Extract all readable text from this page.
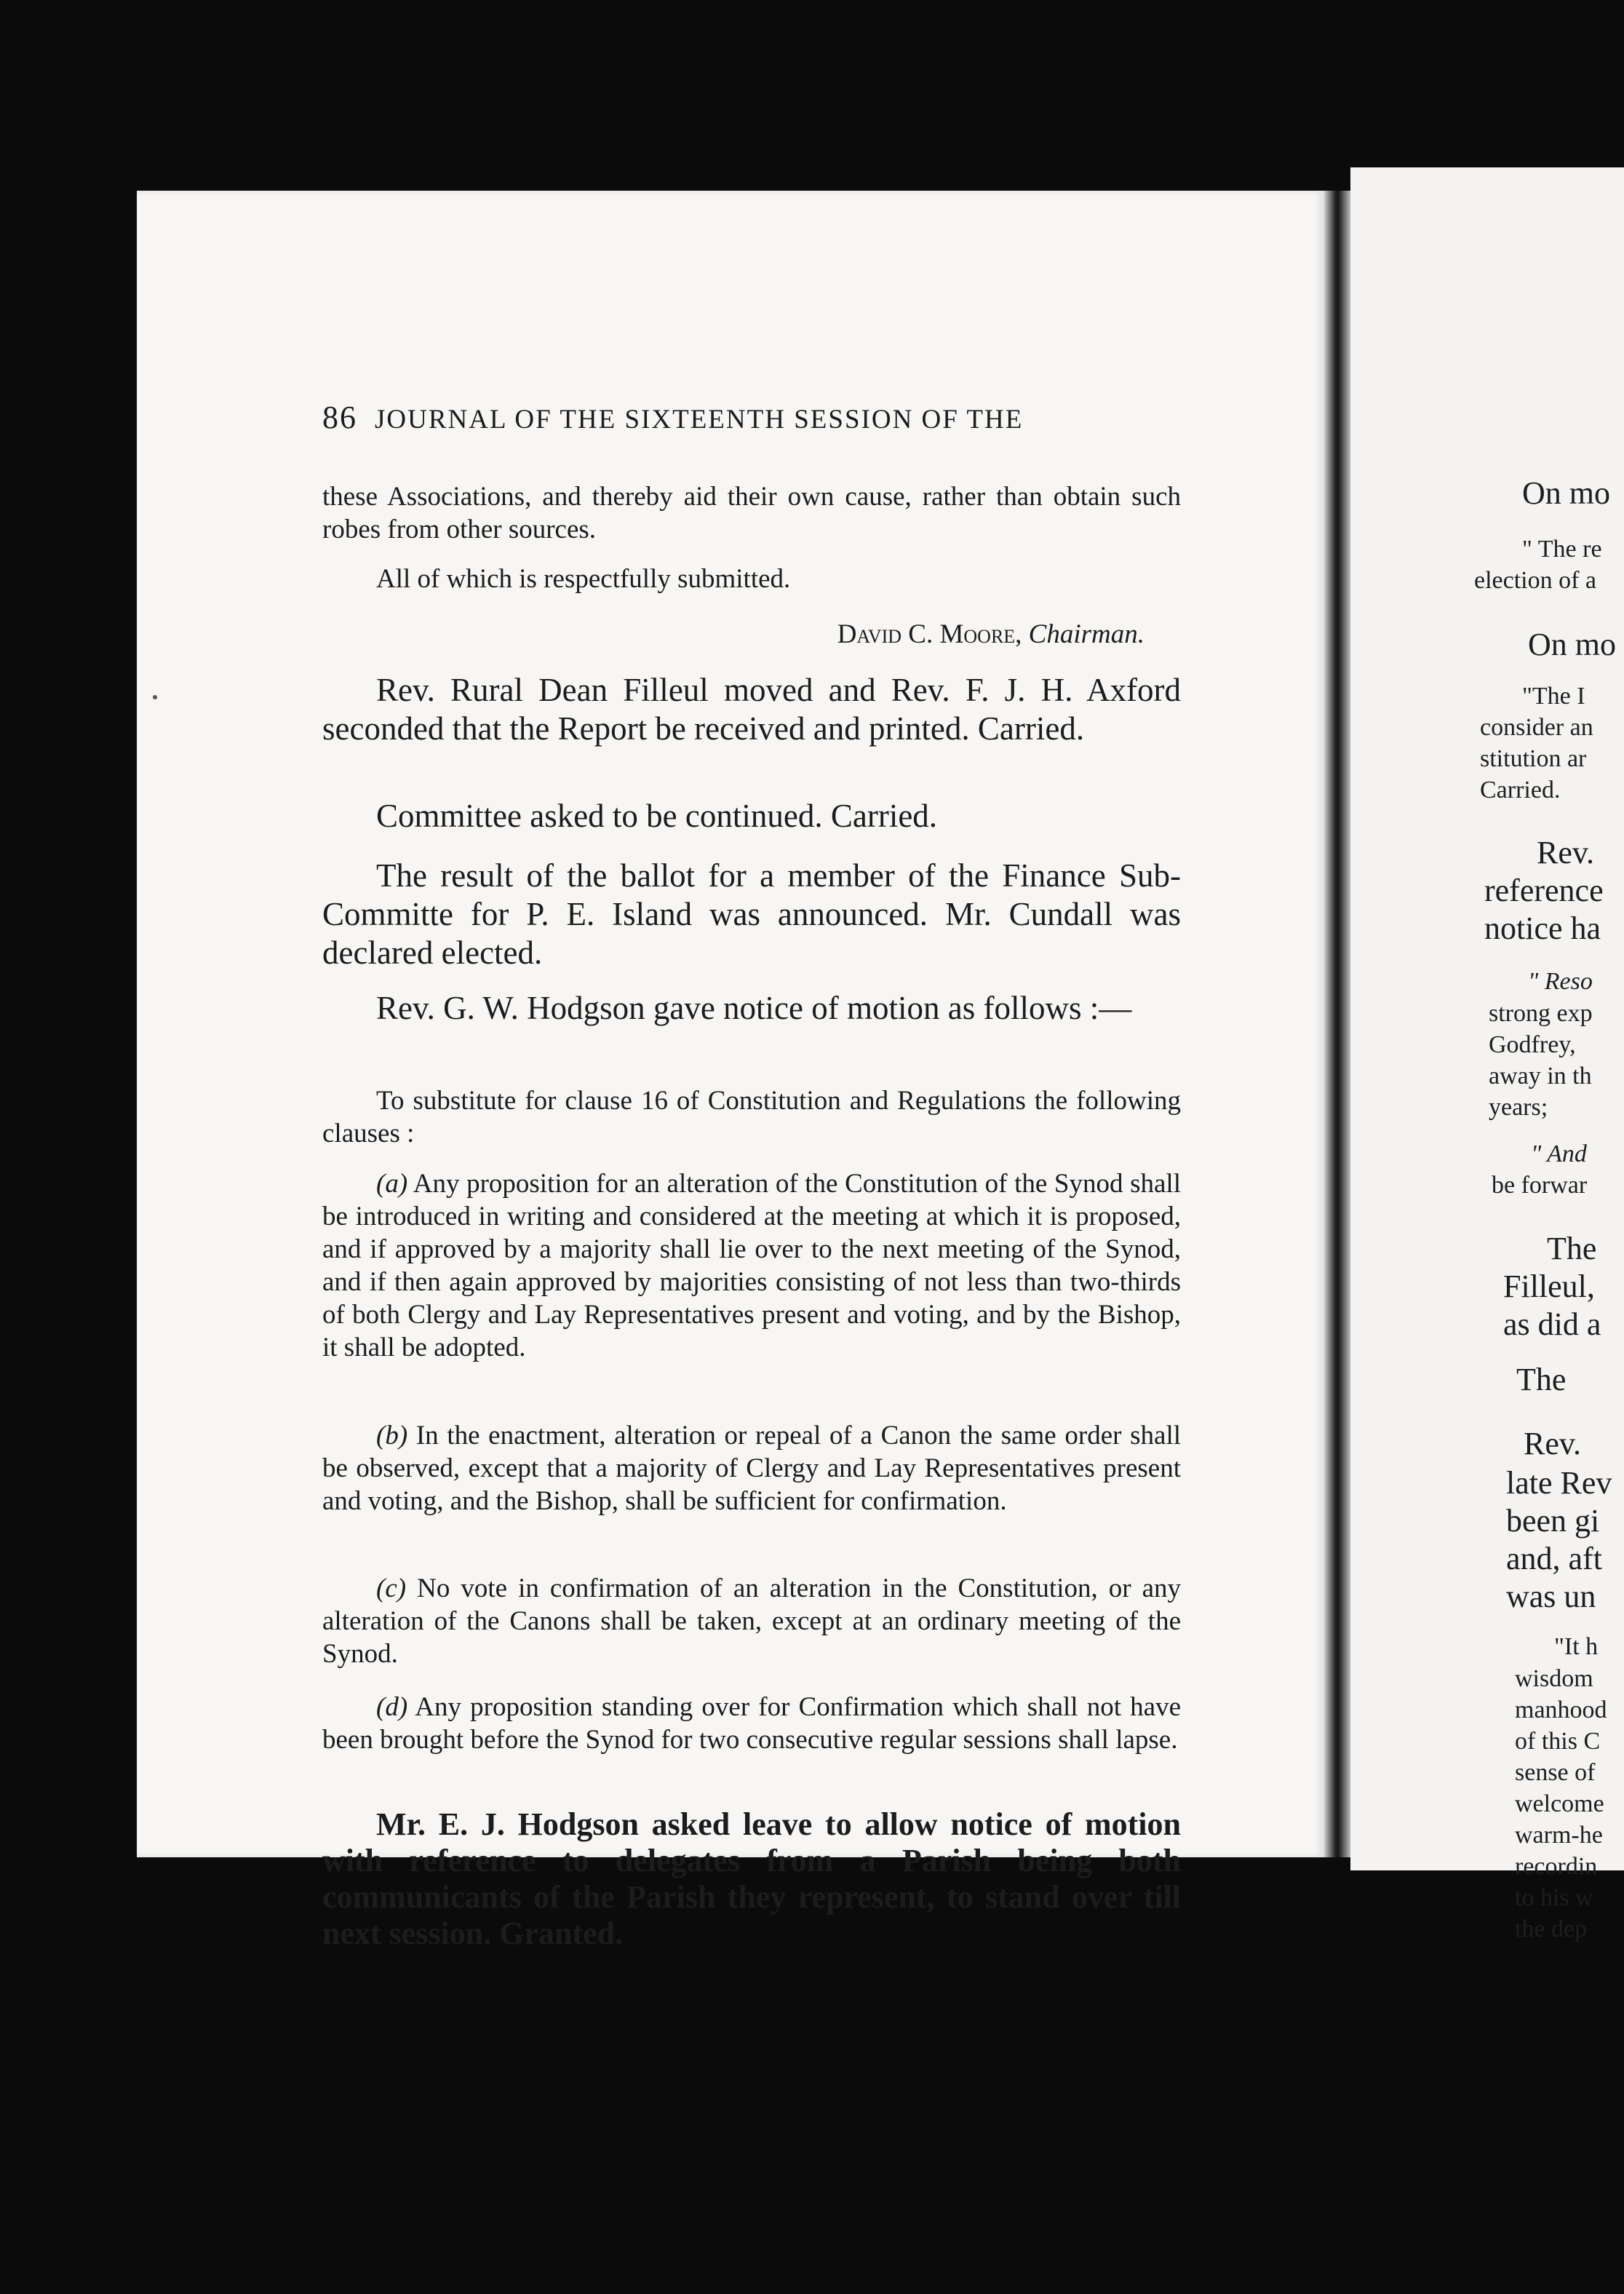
86 JOURNAL OF THE SIXTEENTH SESSION OF THE
these Associations, and thereby aid their own cause, rather than obtain such robes from other sources.
All of which is respectfully submitted.
David C. Moore, Chairman.
Rev. Rural Dean Filleul moved and Rev. F. J. H. Axford seconded that the Report be received and printed. Carried.
Committee asked to be continued. Carried.
The result of the ballot for a member of the Finance Sub-Committe for P. E. Island was announced. Mr. Cundall was declared elected.
Rev. G. W. Hodgson gave notice of motion as follows :—
To substitute for clause 16 of Constitution and Regulations the following clauses :
(a) Any proposition for an alteration of the Constitution of the Synod shall be introduced in writing and considered at the meeting at which it is proposed, and if approved by a majority shall lie over to the next meeting of the Synod, and if then again approved by majorities consisting of not less than two-thirds of both Clergy and Lay Representatives present and voting, and by the Bishop, it shall be adopted.
(b) In the enactment, alteration or repeal of a Canon the same order shall be observed, except that a majority of Clergy and Lay Representatives present and voting, and the Bishop, shall be sufficient for confirmation.
(c) No vote in confirmation of an alteration in the Constitution, or any alteration of the Canons shall be taken, except at an ordinary meeting of the Synod.
(d) Any proposition standing over for Confirmation which shall not have been brought before the Synod for two consecutive regular sessions shall lapse.
Mr. E. J. Hodgson asked leave to allow notice of motion with reference to delegates from a Parish being both communicants of the Parish they represent, to stand over till next session. Granted.
On mo
" The re
election of a
On mo
"The I
consider an
stitution ar
Carried.
Rev.
reference
notice ha
" Reso
strong exp
Godfrey,
away in th
years;
" And
be forwar
The
Filleul,
as did a
The
Rev.
late Rev
been gi
and, aft
was un
"It h
wisdom
manhood
of this C
sense of
welcome
warm-he
recordin
to his w
the dep
